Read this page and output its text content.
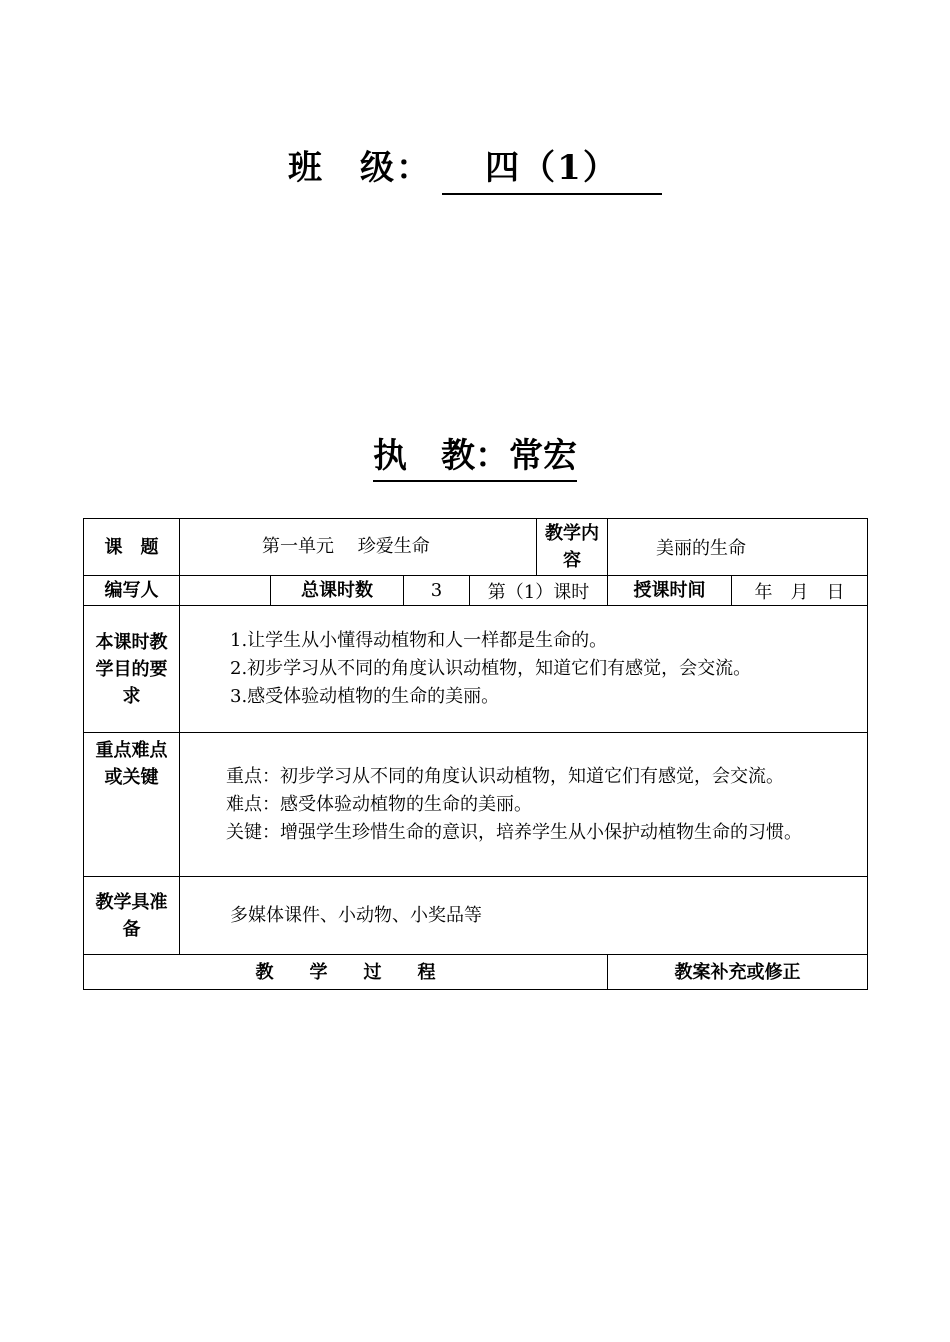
班　级： 四（1）
执　教：常宏
课　题	第一单元　 珍爱生命				教学内容	美丽的生命	
编写人		总课时数	3	第（1）课时		授课时间	年　月　日
本课时教学目的要求	1.让学生从小懂得动植物和人一样都是生命的。
2.初步学习从不同的角度认识动植物，知道它们有感觉，会交流。
3.感受体验动植物的生命的美丽。						

重点难点或关键	重点：初步学习从不同的角度认识动植物，知道它们有感觉，会交流。
难点：感受体验动植物的生命的美丽。
关键：增强学生珍惜生命的意识，培养学生从小保护动植物生命的习惯。						

教学具准备	多媒体课件、小动物、小奖品等						
教　　学　　过　　程						教案补充或修正	
